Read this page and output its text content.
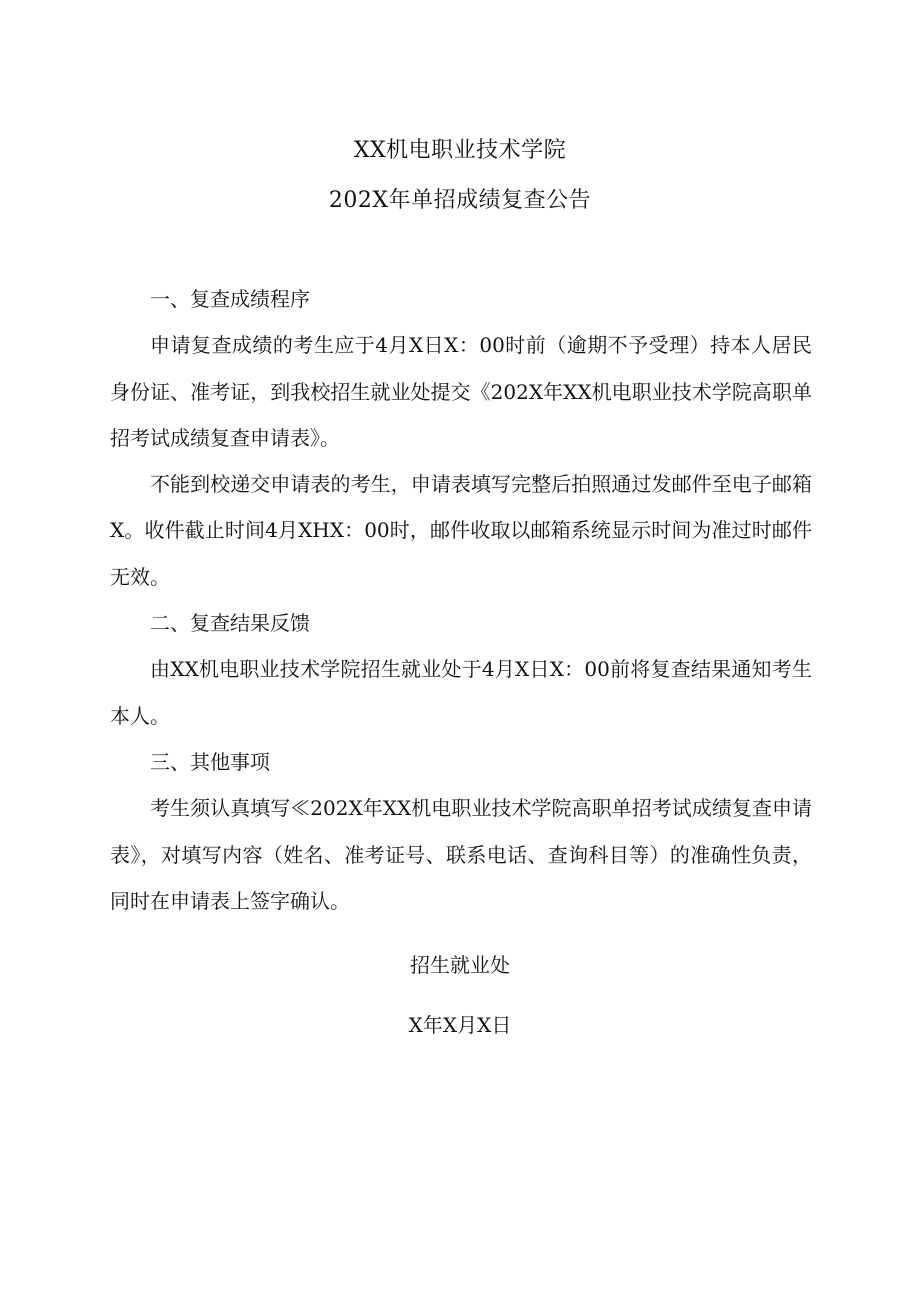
XX机电职业技术学院
202X年单招成绩复查公告

一、复查成绩程序

申请复查成绩的考生应于4月X日X：00时前（逾期不予受理）持本人居民身份证、准考证，到我校招生就业处提交《202X年XX机电职业技术学院高职单招考试成绩复查申请表》。

不能到校递交申请表的考生，申请表填写完整后拍照通过发邮件至电子邮箱X。收件截止时间4月XHX：00时，邮件收取以邮箱系统显示时间为准过时邮件无效。

二、复查结果反馈

由XX机电职业技术学院招生就业处于4月X日X：00前将复查结果通知考生本人。

三、其他事项

考生须认真填写≪202X年XX机电职业技术学院高职单招考试成绩复查申请表》，对填写内容（姓名、准考证号、联系电话、查询科目等）的准确性负责，同时在申请表上签字确认。

招生就业处
X年X月X日
